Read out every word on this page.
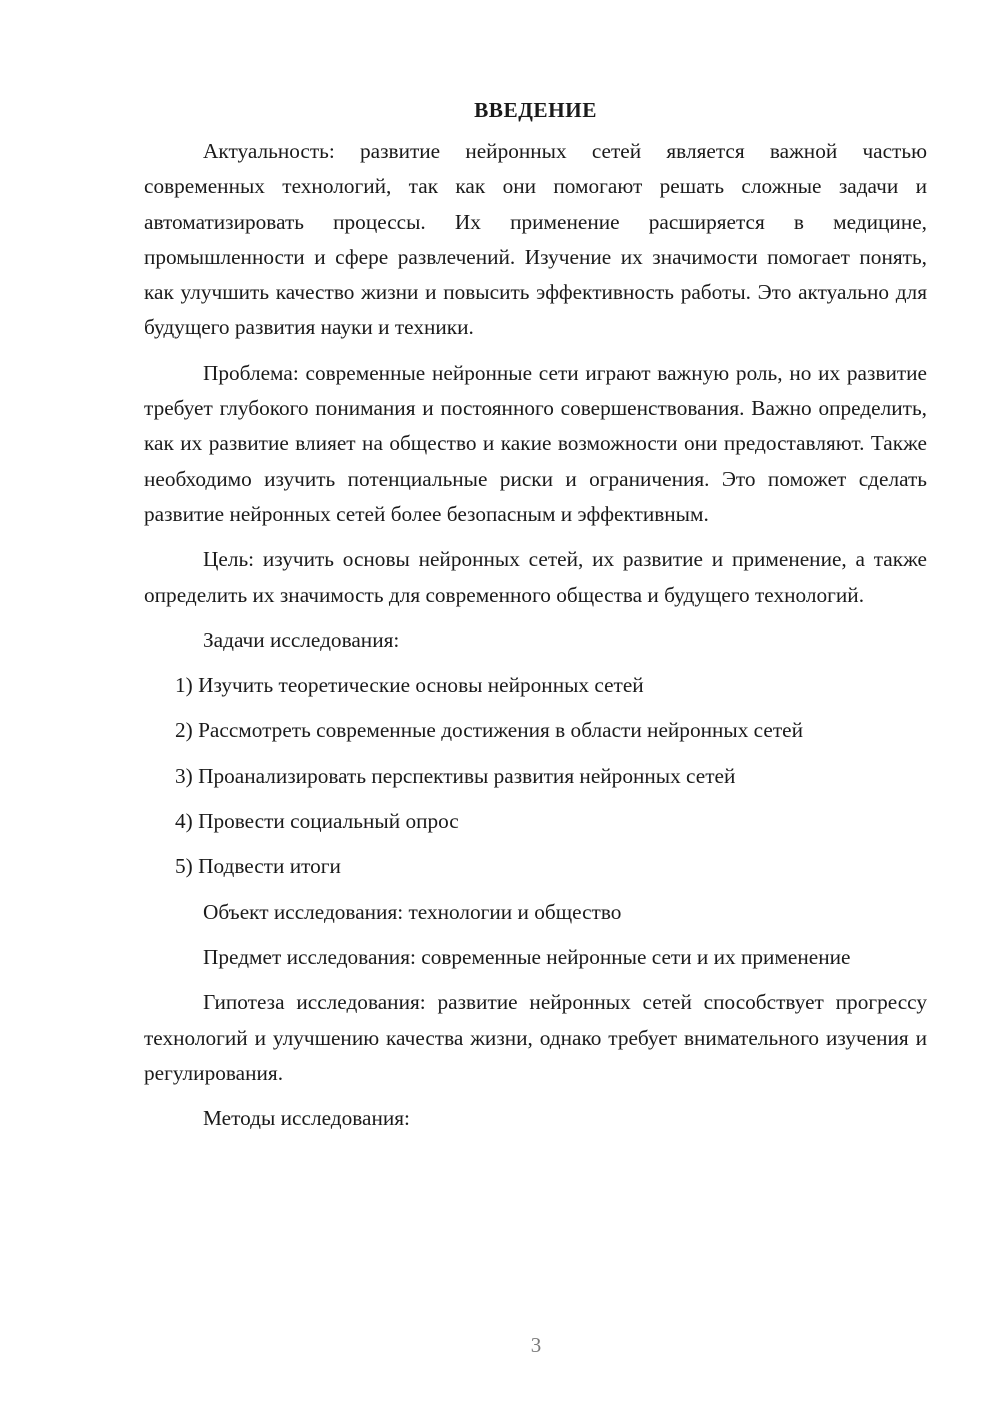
ВВЕДЕНИЕ

Актуальность: развитие нейронных сетей является важной частью современных технологий, так как они помогают решать сложные задачи и автоматизировать процессы. Их применение расширяется в медицине, промышленности и сфере развлечений. Изучение их значимости помогает понять, как улучшить качество жизни и повысить эффективность работы. Это актуально для будущего развития науки и техники.

Проблема: современные нейронные сети играют важную роль, но их развитие требует глубокого понимания и постоянного совершенствования. Важно определить, как их развитие влияет на общество и какие возможности они предоставляют. Также необходимо изучить потенциальные риски и ограничения. Это поможет сделать развитие нейронных сетей более безопасным и эффективным.

Цель: изучить основы нейронных сетей, их развитие и применение, а также определить их значимость для современного общества и будущего технологий.

Задачи исследования:

1) Изучить теоретические основы нейронных сетей
2) Рассмотреть современные достижения в области нейронных сетей
3) Проанализировать перспективы развития нейронных сетей
4) Провести социальный опрос
5) Подвести итоги

Объект исследования: технологии и общество

Предмет исследования: современные нейронные сети и их применение

Гипотеза исследования: развитие нейронных сетей способствует прогрессу технологий и улучшению качества жизни, однако требует внимательного изучения и регулирования.

Методы исследования:

3
